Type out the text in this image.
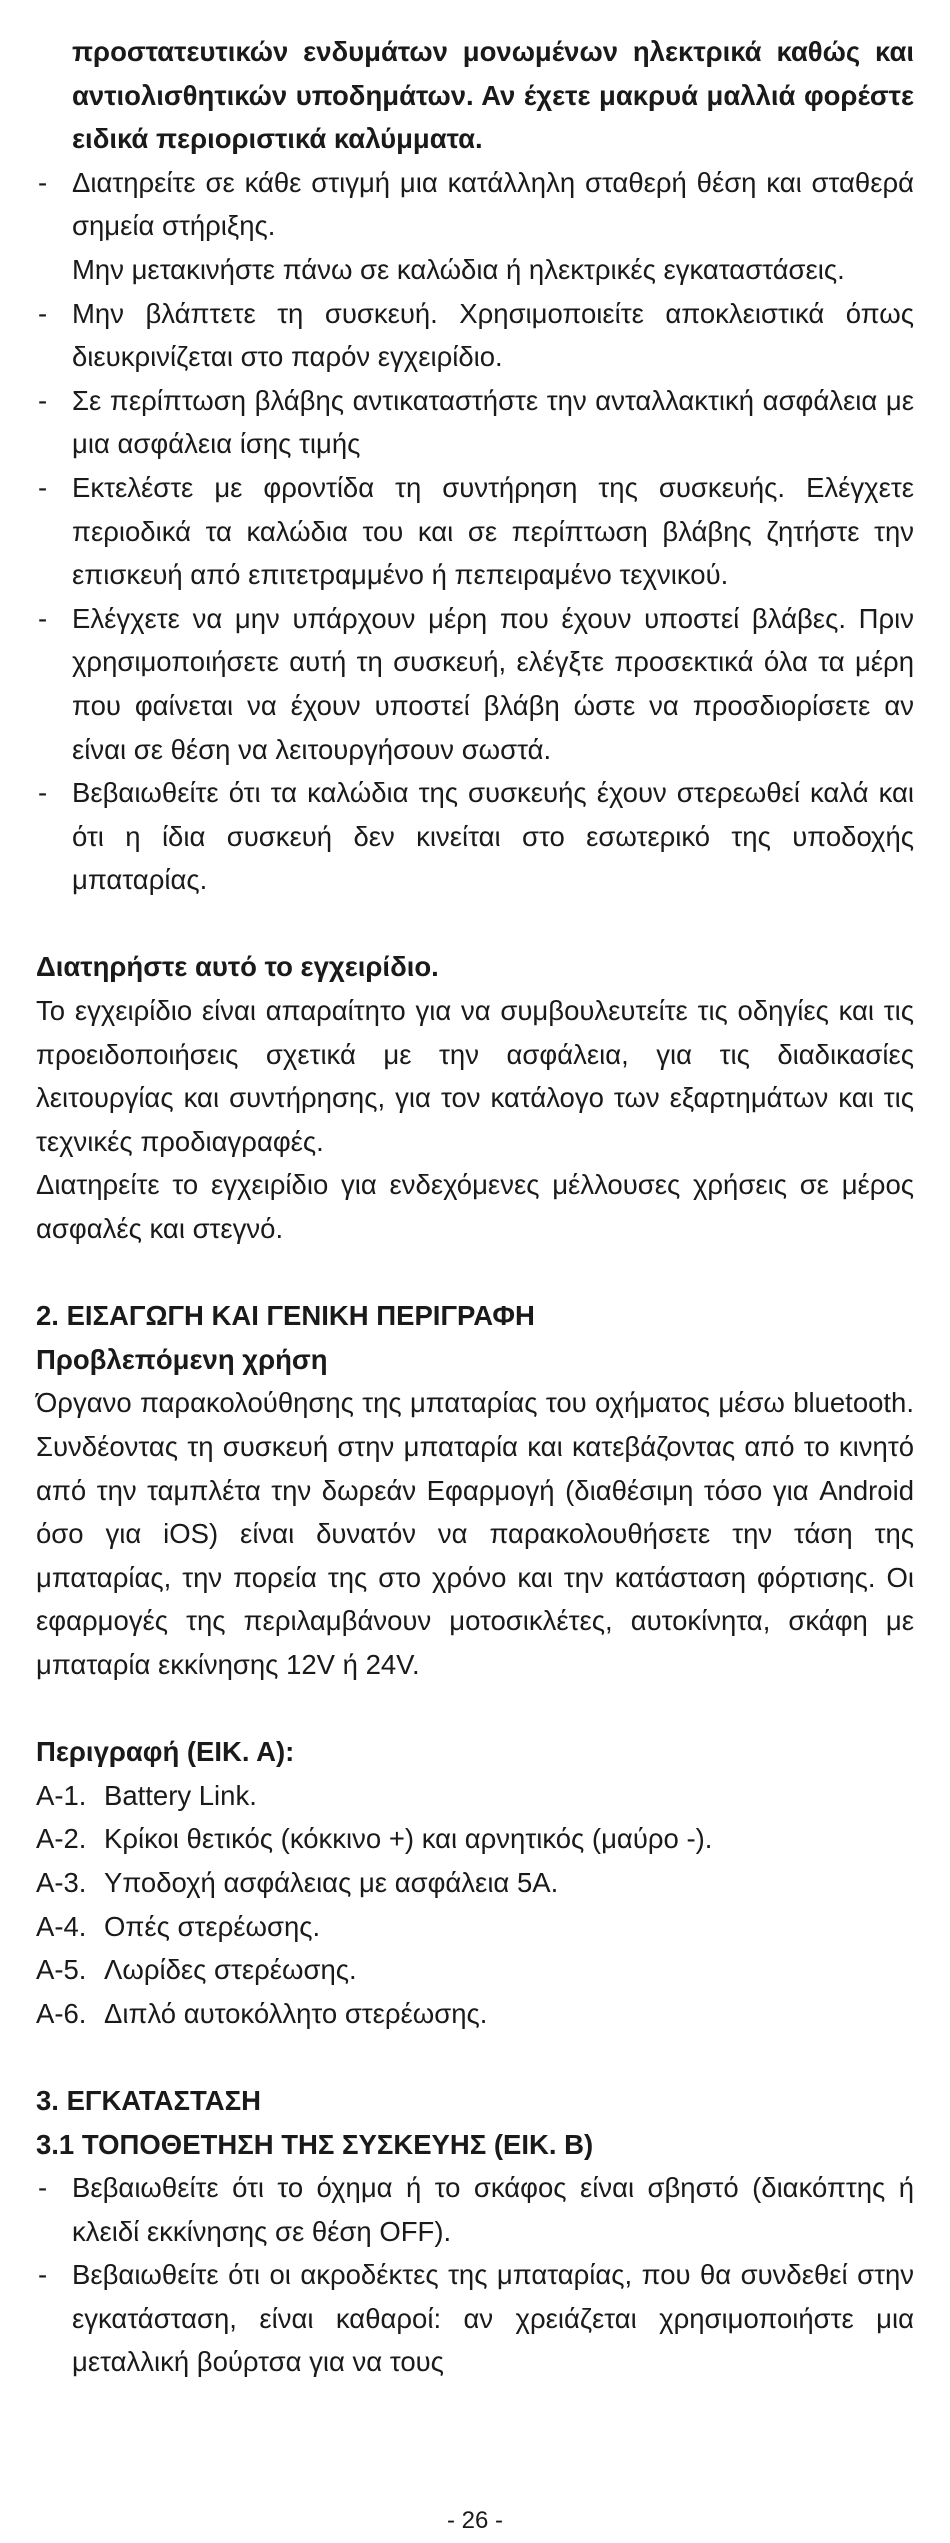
προστατευτικών ενδυμάτων μονωμένων ηλεκτρικά καθώς και αντιολισθητικών υποδημάτων. Αν έχετε μακρυά μαλλιά φορέστε ειδικά περιοριστικά καλύμματα.

- Διατηρείτε σε κάθε στιγμή μια κατάλληλη σταθερή θέση και σταθερά σημεία στήριξης.
Μην μετακινήστε πάνω σε καλώδια ή ηλεκτρικές εγκαταστάσεις.
- Μην βλάπτετε τη συσκευή. Χρησιμοποιείτε αποκλειστικά όπως διευκρινίζεται στο παρόν εγχειρίδιο.
- Σε περίπτωση βλάβης αντικαταστήστε την ανταλλακτική ασφάλεια με μια ασφάλεια ίσης τιμής
- Εκτελέστε με φροντίδα τη συντήρηση της συσκευής. Ελέγχετε περιοδικά τα καλώδια του και σε περίπτωση βλάβης ζητήστε την επισκευή από επιτετραμμένο ή πεπειραμένο τεχνικού.
- Ελέγχετε να μην υπάρχουν μέρη που έχουν υποστεί βλάβες. Πριν χρησιμοποιήσετε αυτή τη συσκευή, ελέγξτε προσεκτικά όλα τα μέρη που φαίνεται να έχουν υποστεί βλάβη ώστε να προσδιορίσετε αν είναι σε θέση να λειτουργήσουν σωστά.
- Βεβαιωθείτε ότι τα καλώδια της συσκευής έχουν στερεωθεί καλά και ότι η ίδια συσκευή δεν κινείται στο εσωτερικό της υποδοχής μπαταρίας.
Διατηρήστε αυτό το εγχειρίδιο.

Το εγχειρίδιο είναι απαραίτητο για να συμβουλευτείτε τις οδηγίες και τις προειδοποιήσεις σχετικά με την ασφάλεια, για τις διαδικασίες λειτουργίας και συντήρησης, για τον κατάλογο των εξαρτημάτων και τις τεχνικές προδιαγραφές.

Διατηρείτε το εγχειρίδιο για ενδεχόμενες μέλλουσες χρήσεις σε μέρος ασφαλές και στεγνό.

2. ΕΙΣΑΓΩΓΗ ΚΑΙ ΓΕΝΙΚΗ ΠΕΡΙΓΡΑΦΗ
Προβλεπόμενη χρήση

Όργανο παρακολούθησης της μπαταρίας του οχήματος μέσω bluetooth. Συνδέοντας τη συσκευή στην μπαταρία και κατεβάζοντας από το κινητό από την ταμπλέτα την δωρεάν Εφαρμογή (διαθέσιμη τόσο για Android όσο για iOS) είναι δυνατόν να παρακολουθήσετε την τάση της μπαταρίας, την πορεία της στο χρόνο και την κατάσταση φόρτισης. Οι εφαρμογές της περιλαμβάνουν μοτοσικλέτες, αυτοκίνητα, σκάφη με μπαταρία εκκίνησης 12V ή 24V.

Περιγραφή (ΕΙΚ. Α):
A-1. Battery Link.
A-2. Κρίκοι θετικός (κόκκινο +) και αρνητικός (μαύρο -).
A-3. Υποδοχή ασφάλειας με ασφάλεια 5A.
A-4. Οπές στερέωσης.
A-5. Λωρίδες στερέωσης.
A-6. Διπλό αυτοκόλλητο στερέωσης.
3. ΕΓΚΑΤΑΣΤΑΣΗ
3.1 ΤΟΠΟΘΕΤΗΣΗ ΤΗΣ ΣΥΣΚΕΥΗΣ (ΕΙΚ. Β)
- Βεβαιωθείτε ότι το όχημα ή το σκάφος είναι σβηστό (διακόπτης ή κλειδί εκκίνησης σε θέση OFF).
- Βεβαιωθείτε ότι οι ακροδέκτες της μπαταρίας, που θα συνδεθεί στην εγκατάσταση, είναι καθαροί: αν χρειάζεται χρησιμοποιήστε μια μεταλλική βούρτσα για να τους
- 26 -
